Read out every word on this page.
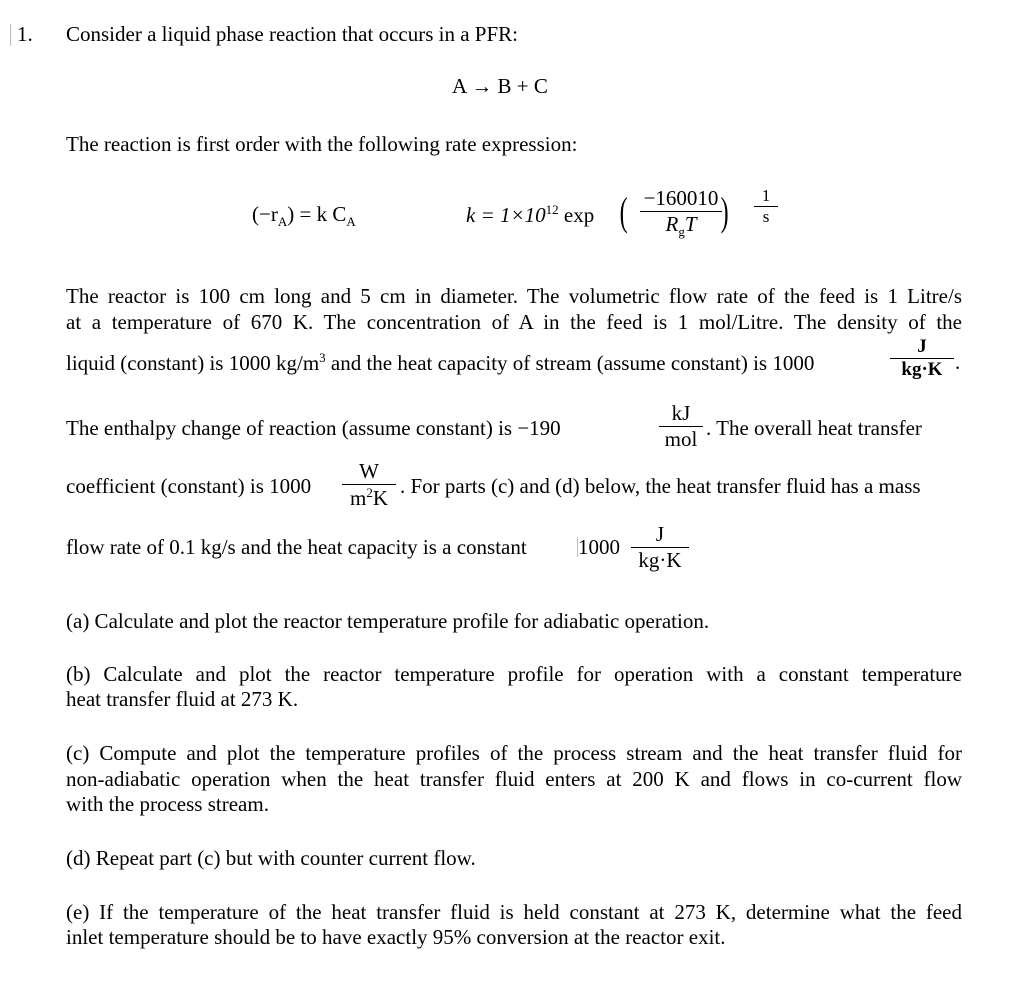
1. Consider a liquid phase reaction that occurs in a PFR:
A → B + C
The reaction is first order with the following rate expression:
$(-r_A) = k$ $C_A$	$k = 1\times 10^{12}$ exp ( −160010
$R_gT$ )	1
s
The reactor is 100 cm long and 5 cm in diameter. The volumetric flow rate of the feed is 1 Litre/s
at a temperature of 670 K. The concentration of A in the feed is 1 mol/Litre. The density of the
liquid (constant) is 1000 $kg/m^3$ and the heat capacity of stream (assume constant) is 1000
J
kg·K .
The enthalpy change of reaction (assume constant) is −190
kJ
mol . The overall heat transfer
coefficient (constant) is 1000
W
$m^2K$ . For parts (c) and (d) below, the heat transfer fluid has a mass
flow rate of 0.1 kg/s and the heat capacity is a constant 1000
J
kg·K
(a) Calculate and plot the reactor temperature profile for adiabatic operation.
(b) Calculate and plot the reactor temperature profile for operation with a constant temperature
heat transfer fluid at 273 K.
(c) Compute and plot the temperature profiles of the process stream and the heat transfer fluid for
non-adiabatic operation when the heat transfer fluid enters at 200 K and flows in co-current flow
with the process stream.
(d) Repeat part (c) but with counter current flow.
(e) If the temperature of the heat transfer fluid is held constant at 273 K, determine what the feed
inlet temperature should be to have exactly 95% conversion at the reactor exit.
